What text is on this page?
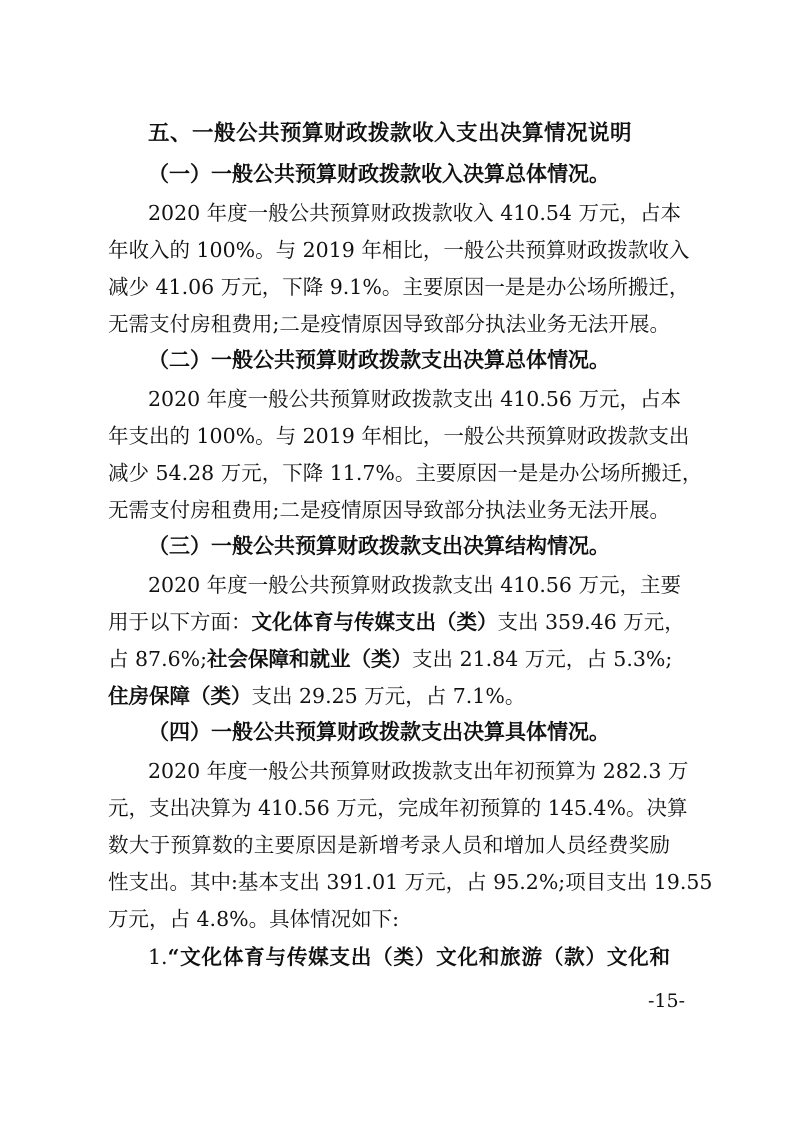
五、一般公共预算财政拨款收入支出决算情况说明
（一）一般公共预算财政拨款收入决算总体情况。
2020 年度一般公共预算财政拨款收入 410.54 万元，占本
年收入的 100%。与 2019 年相比，一般公共预算财政拨款收入
减少 41.06 万元，下降 9.1%。主要原因一是是办公场所搬迁，
无需支付房租费用;二是疫情原因导致部分执法业务无法开展。
（二）一般公共预算财政拨款支出决算总体情况。
2020 年度一般公共预算财政拨款支出 410.56 万元，占本
年支出的 100%。与 2019 年相比，一般公共预算财政拨款支出
减少 54.28 万元，下降 11.7%。主要原因一是是办公场所搬迁，
无需支付房租费用;二是疫情原因导致部分执法业务无法开展。
（三）一般公共预算财政拨款支出决算结构情况。
2020 年度一般公共预算财政拨款支出 410.56 万元，主要
用于以下方面：文化体育与传媒支出（类）支出 359.46 万元，
占 87.6%;社会保障和就业（类）支出 21.84 万元，占 5.3%;
住房保障（类）支出 29.25 万元，占 7.1%。
（四）一般公共预算财政拨款支出决算具体情况。
2020 年度一般公共预算财政拨款支出年初预算为 282.3 万
元，支出决算为 410.56 万元，完成年初预算的 145.4%。决算
数大于预算数的主要原因是新增考录人员和增加人员经费奖励
性支出。其中:基本支出 391.01 万元，占 95.2%;项目支出 19.55
万元，占 4.8%。具体情况如下:
1.“文化体育与传媒支出（类）文化和旅游（款）文化和
-15-
